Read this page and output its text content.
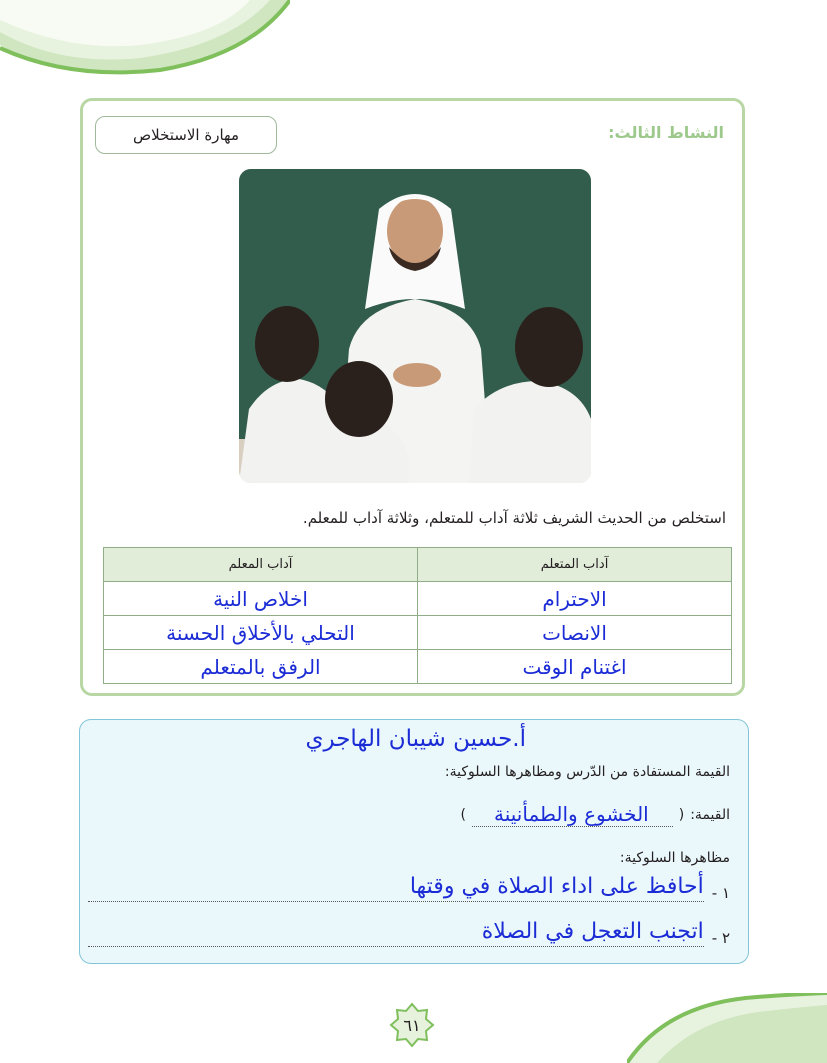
النشاط الثالث:
مهارة الاستخلاص
استخلص من الحديث الشريف ثلاثة آداب للمتعلم، وثلاثة آداب للمعلم.
آداب المتعلم	آداب المعلم
الاحترام	اخلاص النية
الانصات	التحلي بالأخلاق الحسنة
اغتنام الوقت	الرفق بالمتعلم
أ.حسين شيبان الهاجري
القيمة المستفادة من الدّرس ومظاهرها السلوكية:
القيمة:
(
الخشوع والطمأنينة
)
مظاهرها السلوكية:
١ -
أحافظ على اداء الصلاة في وقتها
٢ -
اتجنب التعجل في الصلاة
٦١
